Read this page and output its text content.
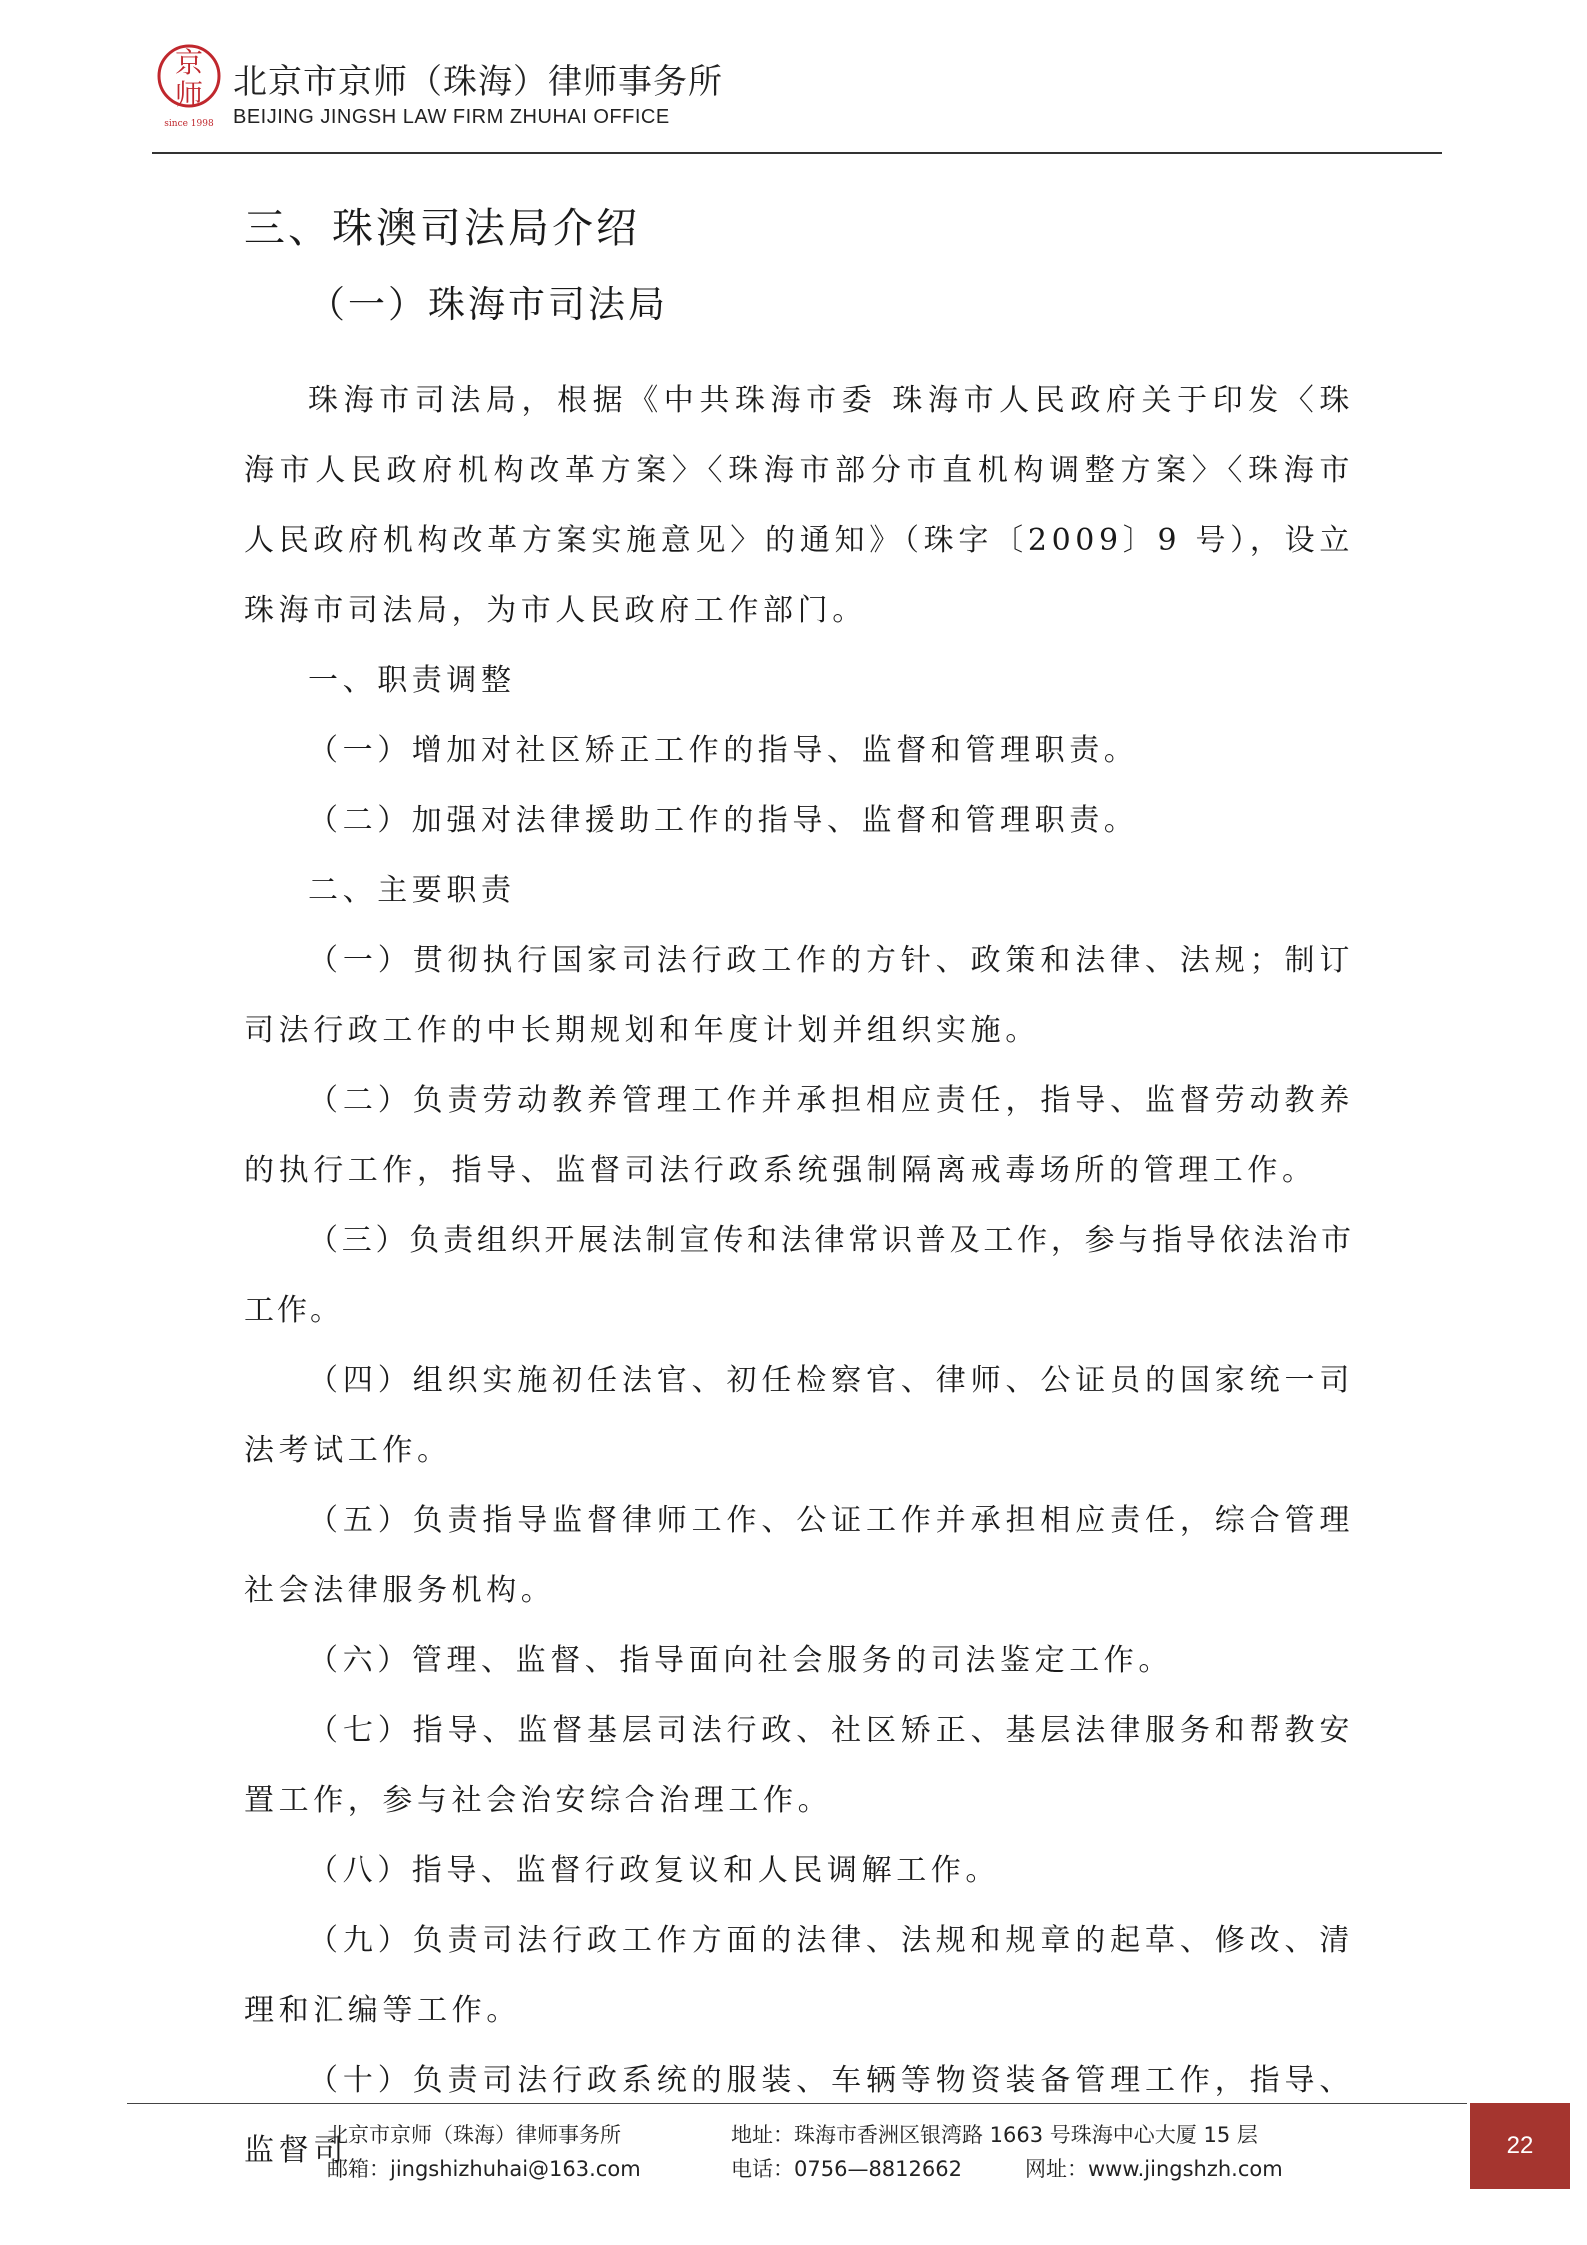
京
师
since 1998
北京市京师（珠海）律师事务所
BEIJING JINGSH LAW FIRM ZHUHAI OFFICE
三、珠澳司法局介绍
（一）珠海市司法局

珠海市司法局，根据《中共珠海市委 珠海市人民政府关于印发〈珠海市人民政府机构改革方案〉〈珠海市部分市直机构调整方案〉〈珠海市人民政府机构改革方案实施意见〉的通知》（珠字〔2009〕9 号），设立珠海市司法局，为市人民政府工作部门。

一、职责调整

（一）增加对社区矫正工作的指导、监督和管理职责。

（二）加强对法律援助工作的指导、监督和管理职责。

二、主要职责

（一）贯彻执行国家司法行政工作的方针、政策和法律、法规；制订司法行政工作的中长期规划和年度计划并组织实施。

（二）负责劳动教养管理工作并承担相应责任，指导、监督劳动教养的执行工作，指导、监督司法行政系统强制隔离戒毒场所的管理工作。

（三）负责组织开展法制宣传和法律常识普及工作，参与指导依法治市工作。

（四）组织实施初任法官、初任检察官、律师、公证员的国家统一司法考试工作。

（五）负责指导监督律师工作、公证工作并承担相应责任，综合管理社会法律服务机构。

（六）管理、监督、指导面向社会服务的司法鉴定工作。

（七）指导、监督基层司法行政、社区矫正、基层法律服务和帮教安置工作，参与社会治安综合治理工作。

（八）指导、监督行政复议和人民调解工作。

（九）负责司法行政工作方面的法律、法规和规章的起草、修改、清理和汇编等工作。

（十）负责司法行政系统的服装、车辆等物资装备管理工作，指导、监督司

北京市京师（珠海）律师事务所	地址：珠海市香洲区银湾路 1663 号珠海中心大厦 15 层
邮箱：jingshizhuhai@163.com	电话：0756—8812662	网址：www.jingshzh.com
22
